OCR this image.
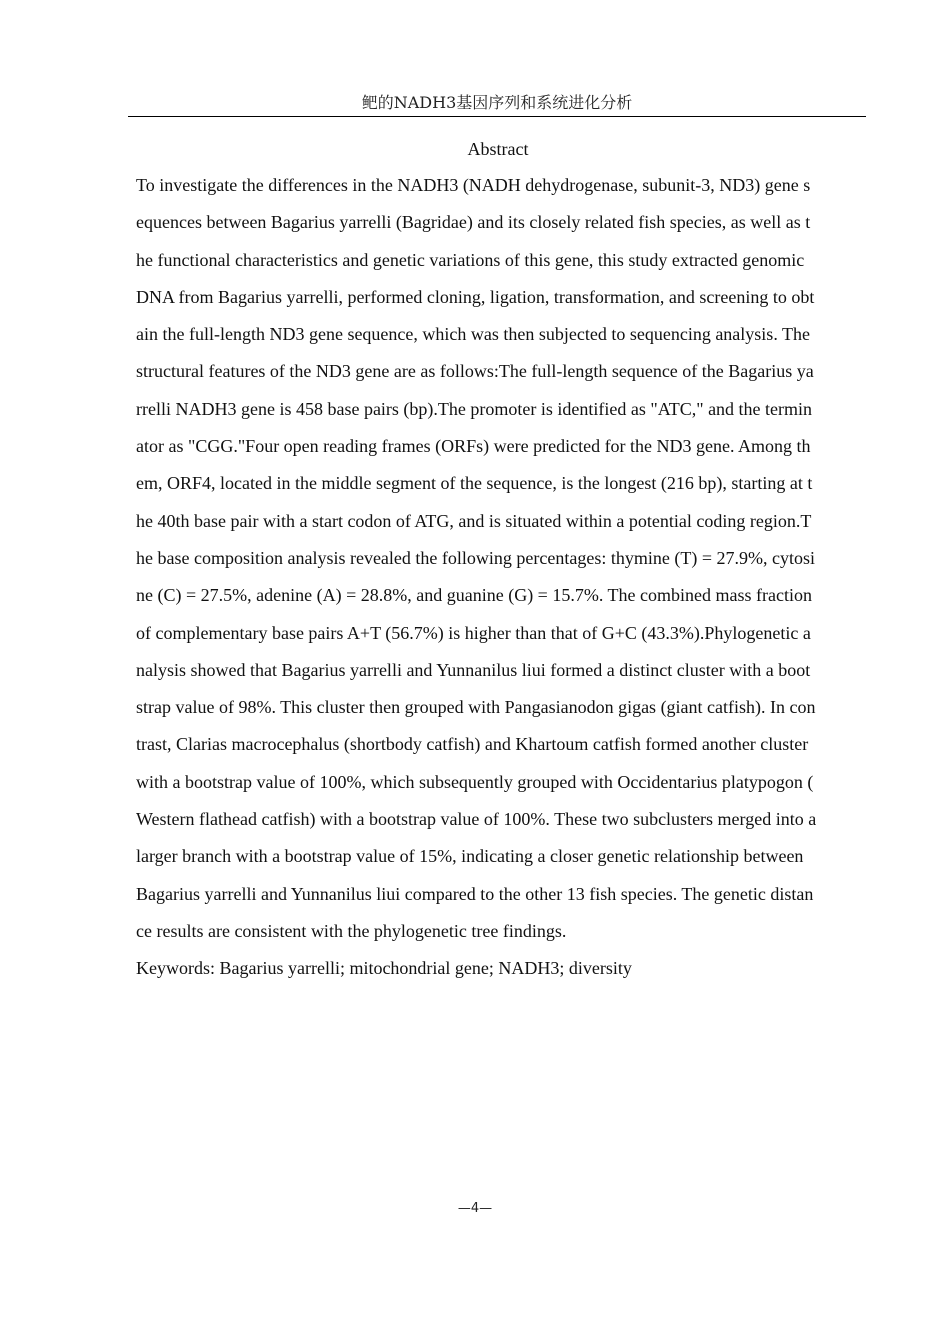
鲃的NADH3基因序列和系统进化分析
Abstract
To investigate the differences in the NADH3 (NADH dehydrogenase, subunit-3, ND3) gene s
equences between Bagarius yarrelli (Bagridae) and its closely related fish species, as well as t
he functional characteristics and genetic variations of this gene, this study extracted genomic
DNA from Bagarius yarrelli, performed cloning, ligation, transformation, and screening to obt
ain the full-length ND3 gene sequence, which was then subjected to sequencing analysis. The
structural features of the ND3 gene are as follows:The full-length sequence of the Bagarius ya
rrelli NADH3 gene is 458 base pairs (bp).The promoter is identified as "ATC," and the termin
ator as "CGG."Four open reading frames (ORFs) were predicted for the ND3 gene. Among th
em, ORF4, located in the middle segment of the sequence, is the longest (216 bp), starting at t
he 40th base pair with a start codon of ATG, and is situated within a potential coding region.T
he base composition analysis revealed the following percentages: thymine (T) = 27.9%, cytosi
ne (C) = 27.5%, adenine (A) = 28.8%, and guanine (G) = 15.7%. The combined mass fraction
of complementary base pairs A+T (56.7%) is higher than that of G+C (43.3%).Phylogenetic a
nalysis showed that Bagarius yarrelli and Yunnanilus liui formed a distinct cluster with a boot
strap value of 98%. This cluster then grouped with Pangasianodon gigas (giant catfish). In con
trast, Clarias macrocephalus (shortbody catfish) and Khartoum catfish formed another cluster
with a bootstrap value of 100%, which subsequently grouped with Occidentarius platypogon (
Western flathead catfish) with a bootstrap value of 100%. These two subclusters merged into a
larger branch with a bootstrap value of 15%, indicating a closer genetic relationship between
Bagarius yarrelli and Yunnanilus liui compared to the other 13 fish species. The genetic distan
ce results are consistent with the phylogenetic tree findings.
Keywords: Bagarius yarrelli; mitochondrial gene; NADH3; diversity
—4—
